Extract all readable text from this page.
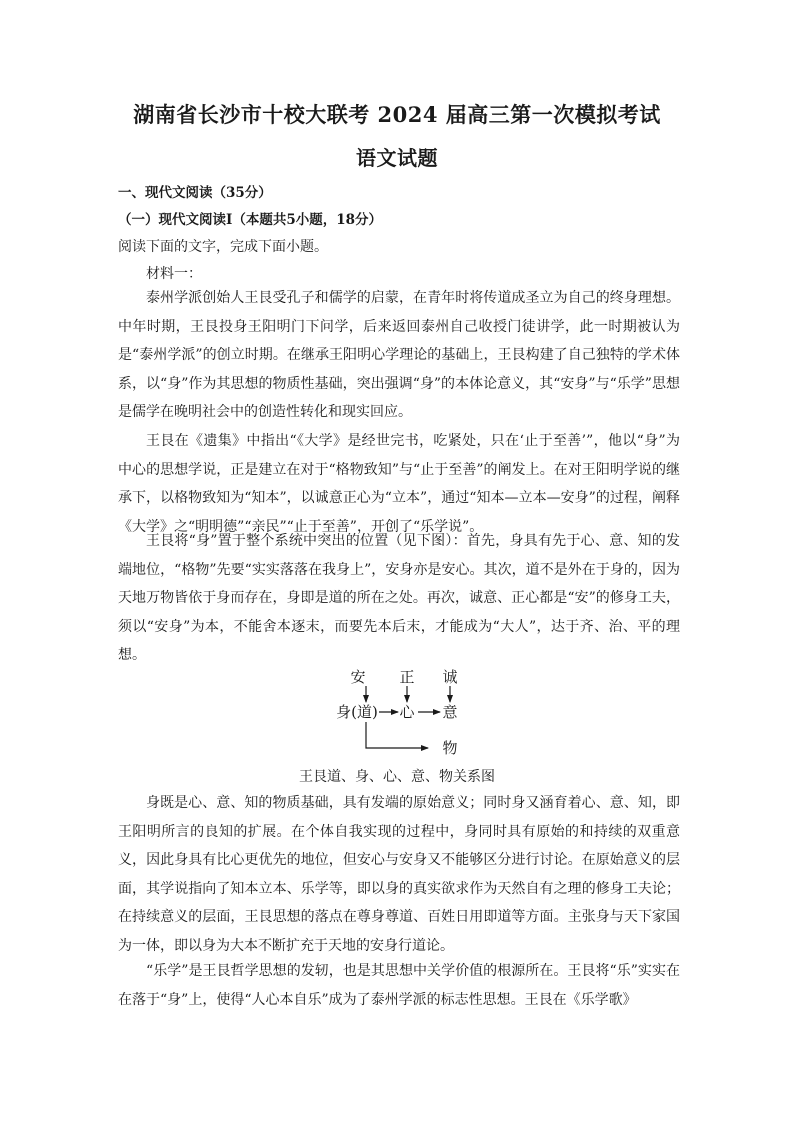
湖南省长沙市十校大联考 2024 届高三第一次模拟考试
语文试题

一、现代文阅读（35分）

（一）现代文阅读Ⅰ（本题共5小题，18分）

阅读下面的文字，完成下面小题。

材料一：

泰州学派创始人王艮受孔子和儒学的启蒙，在青年时将传道成圣立为自己的终身理想。中年时期，王艮投身王阳明门下问学，后来返回泰州自己收授门徒讲学，此一时期被认为是“泰州学派”的创立时期。在继承王阳明心学理论的基础上，王艮构建了自己独特的学术体系，以“身”作为其思想的物质性基础，突出强调“身”的本体论意义，其“安身”与“乐学”思想是儒学在晚明社会中的创造性转化和现实回应。

王艮在《遗集》中指出“《大学》是经世完书，吃紧处，只在‘止于至善’”，他以“身”为中心的思想学说，正是建立在对于“格物致知”与“止于至善”的阐发上。在对王阳明学说的继承下，以格物致知为“知本”，以诚意正心为“立本”，通过“知本—立本—安身”的过程，阐释《大学》之“明明德”“亲民”“止于至善”，开创了“乐学说”。

王艮将“身”置于整个系统中突出的位置（见下图）：首先，身具有先于心、意、知的发端地位，“格物”先要“实实落落在我身上”，安身亦是安心。其次，道不是外在于身的，因为天地万物皆依于身而存在，身即是道的所在之处。再次，诚意、正心都是“安”的修身工夫，须以“安身”为本，不能舍本逐末，而要先本后末，才能成为“大人”，达于齐、治、平的理想。

安 正 诚
身(道) 心 意
物

王艮道、身、心、意、物关系图

身既是心、意、知的物质基础，具有发端的原始意义；同时身又涵育着心、意、知，即王阳明所言的良知的扩展。在个体自我实现的过程中，身同时具有原始的和持续的双重意义，因此身具有比心更优先的地位，但安心与安身又不能够区分进行讨论。在原始意义的层面，其学说指向了知本立本、乐学等，即以身的真实欲求作为天然自有之理的修身工夫论；在持续意义的层面，王艮思想的落点在尊身尊道、百姓日用即道等方面。主张身与天下家国为一体，即以身为大本不断扩充于天地的安身行道论。

“乐学”是王艮哲学思想的发轫，也是其思想中关学价值的根源所在。王艮将“乐”实实在在落于“身”上，使得“人心本自乐”成为了泰州学派的标志性思想。王艮在《乐学歌》
